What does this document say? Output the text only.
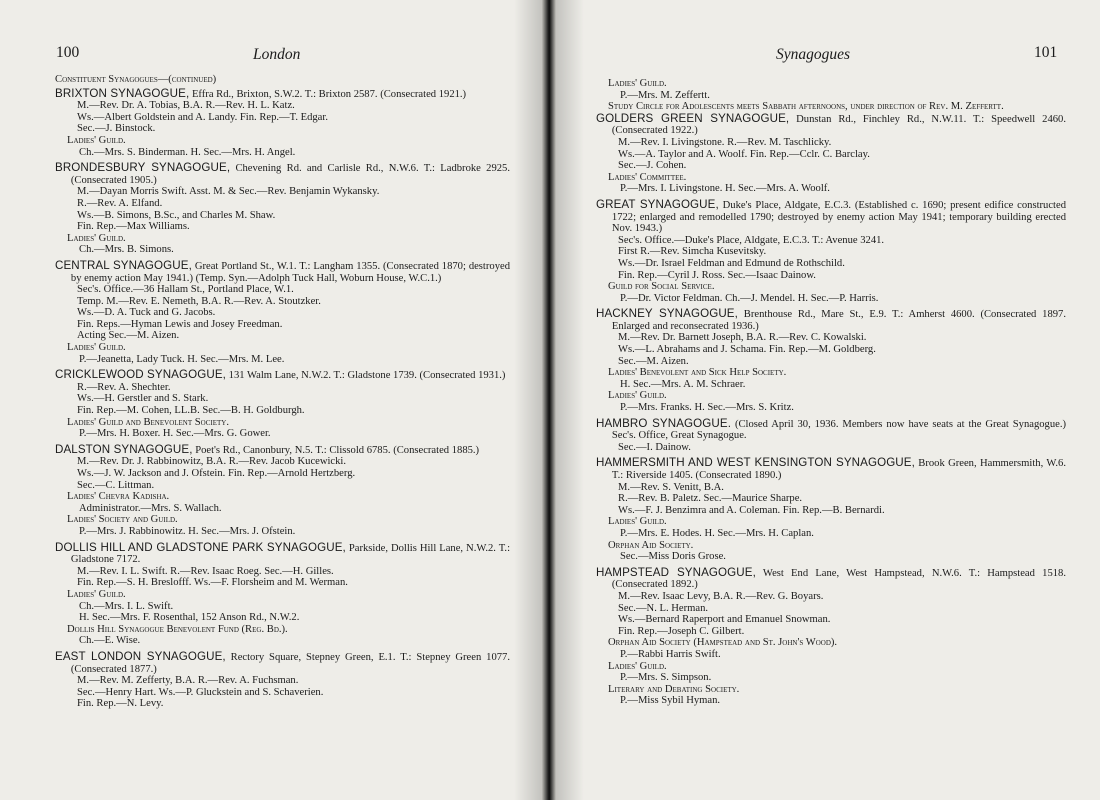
100	London
Constituent Synagogues—(continued)
BRIXTON SYNAGOGUE, Effra Rd., Brixton, S.W.2. T.: Brixton 2587. (Consecrated 1921.)
M.—Rev. Dr. A. Tobias, B.A. R.—Rev. H. L. Katz.
Ws.—Albert Goldstein and A. Landy. Fin. Rep.—T. Edgar.
Sec.—J. Binstock.
Ladies' Guild.
Ch.—Mrs. S. Binderman. H. Sec.—Mrs. H. Angel.
BRONDESBURY SYNAGOGUE, Chevening Rd. and Carlisle Rd., N.W.6. T.: Ladbroke 2925. (Consecrated 1905.)
M.—Dayan Morris Swift. Asst. M. & Sec.—Rev. Benjamin Wykansky.
R.—Rev. A. Elfand.
Ws.—B. Simons, B.Sc., and Charles M. Shaw.
Fin. Rep.—Max Williams.
Ladies' Guild.
Ch.—Mrs. B. Simons.
CENTRAL SYNAGOGUE, Great Portland St., W.1. T.: Langham 1355. (Consecrated 1870; destroyed by enemy action May 1941.) (Temp. Syn.—Adolph Tuck Hall, Woburn House, W.C.1.)
Sec's. Office.—36 Hallam St., Portland Place, W.1.
Temp. M.—Rev. E. Nemeth, B.A. R.—Rev. A. Stoutzker.
Ws.—D. A. Tuck and G. Jacobs.
Fin. Reps.—Hyman Lewis and Josey Freedman.
Acting Sec.—M. Aizen.
Ladies' Guild.
P.—Jeanetta, Lady Tuck. H. Sec.—Mrs. M. Lee.
CRICKLEWOOD SYNAGOGUE, 131 Walm Lane, N.W.2. T.: Gladstone 1739. (Consecrated 1931.)
R.—Rev. A. Shechter.
Ws.—H. Gerstler and S. Stark.
Fin. Rep.—M. Cohen, LL.B. Sec.—B. H. Goldburgh.
Ladies' Guild and Benevolent Society.
P.—Mrs. H. Boxer. H. Sec.—Mrs. G. Gower.
DALSTON SYNAGOGUE, Poet's Rd., Canonbury, N.5. T.: Clissold 6785. (Consecrated 1885.)
M.—Rev. Dr. J. Rabbinowitz, B.A. R.—Rev. Jacob Kucewicki.
Ws.—J. W. Jackson and J. Ofstein. Fin. Rep.—Arnold Hertzberg.
Sec.—C. Littman.
Ladies' Chevra Kadisha.
Administrator.—Mrs. S. Wallach.
Ladies' Society and Guild.
P.—Mrs. J. Rabbinowitz. H. Sec.—Mrs. J. Ofstein.
DOLLIS HILL AND GLADSTONE PARK SYNAGOGUE, Parkside, Dollis Hill Lane, N.W.2. T.: Gladstone 7172.
M.—Rev. I. L. Swift. R.—Rev. Isaac Roeg. Sec.—H. Gilles.
Fin. Rep.—S. H. Breslofff. Ws.—F. Florsheim and M. Werman.
Ladies' Guild.
Ch.—Mrs. I. L. Swift.
H. Sec.—Mrs. F. Rosenthal, 152 Anson Rd., N.W.2.
Dollis Hill Synagogue Benevolent Fund (Reg. Bd.).
Ch.—E. Wise.
EAST LONDON SYNAGOGUE, Rectory Square, Stepney Green, E.1. T.: Stepney Green 1077. (Consecrated 1877.)
M.—Rev. M. Zefferty, B.A. R.—Rev. A. Fuchsman.
Sec.—Henry Hart. Ws.—P. Gluckstein and S. Schaverien.
Fin. Rep.—N. Levy.
Synagogues	101
Ladies' Guild.
P.—Mrs. M. Zeffertt.
Study Circle for Adolescents meets Sabbath afternoons, under direction of Rev. M. Zeffertt.
GOLDERS GREEN SYNAGOGUE, Dunstan Rd., Finchley Rd., N.W.11. T.: Speedwell 2460. (Consecrated 1922.)
M.—Rev. I. Livingstone. R.—Rev. M. Taschlicky.
Ws.—A. Taylor and A. Woolf. Fin. Rep.—Cclr. C. Barclay.
Sec.—J. Cohen.
Ladies' Committee.
P.—Mrs. I. Livingstone. H. Sec.—Mrs. A. Woolf.
GREAT SYNAGOGUE, Duke's Place, Aldgate, E.C.3. (Established c. 1690; present edifice constructed 1722; enlarged and remodelled 1790; destroyed by enemy action May 1941; temporary building erected Nov. 1943.)
Sec's. Office.—Duke's Place, Aldgate, E.C.3. T.: Avenue 3241.
First R.—Rev. Simcha Kusevitsky.
Ws.—Dr. Israel Feldman and Edmund de Rothschild.
Fin. Rep.—Cyril J. Ross. Sec.—Isaac Dainow.
Guild for Social Service.
P.—Dr. Victor Feldman. Ch.—J. Mendel. H. Sec.—P. Harris.
HACKNEY SYNAGOGUE, Brenthouse Rd., Mare St., E.9. T.: Amherst 4600. (Consecrated 1897. Enlarged and reconsecrated 1936.)
M.—Rev. Dr. Barnett Joseph, B.A. R.—Rev. C. Kowalski.
Ws.—L. Abrahams and J. Schama. Fin. Rep.—M. Goldberg.
Sec.—M. Aizen.
Ladies' Benevolent and Sick Help Society.
H. Sec.—Mrs. A. M. Schraer.
Ladies' Guild.
P.—Mrs. Franks. H. Sec.—Mrs. S. Kritz.
HAMBRO SYNAGOGUE. (Closed April 30, 1936. Members now have seats at the Great Synagogue.) Sec's. Office, Great Synagogue.
Sec.—I. Dainow.
HAMMERSMITH AND WEST KENSINGTON SYNAGOGUE, Brook Green, Hammersmith, W.6. T.: Riverside 1405. (Consecrated 1890.)
M.—Rev. S. Venitt, B.A.
R.—Rev. B. Paletz. Sec.—Maurice Sharpe.
Ws.—F. J. Benzimra and A. Coleman. Fin. Rep.—B. Bernardi.
Ladies' Guild.
P.—Mrs. E. Hodes. H. Sec.—Mrs. H. Caplan.
Orphan Aid Society.
Sec.—Miss Doris Grose.
HAMPSTEAD SYNAGOGUE, West End Lane, West Hampstead, N.W.6. T.: Hampstead 1518. (Consecrated 1892.)
M.—Rev. Isaac Levy, B.A. R.—Rev. G. Boyars.
Sec.—N. L. Herman.
Ws.—Bernard Raperport and Emanuel Snowman.
Fin. Rep.—Joseph C. Gilbert.
Orphan Aid Society (Hampstead and St. John's Wood).
P.—Rabbi Harris Swift.
Ladies' Guild.
P.—Mrs. S. Simpson.
Literary and Debating Society.
P.—Miss Sybil Hyman.
